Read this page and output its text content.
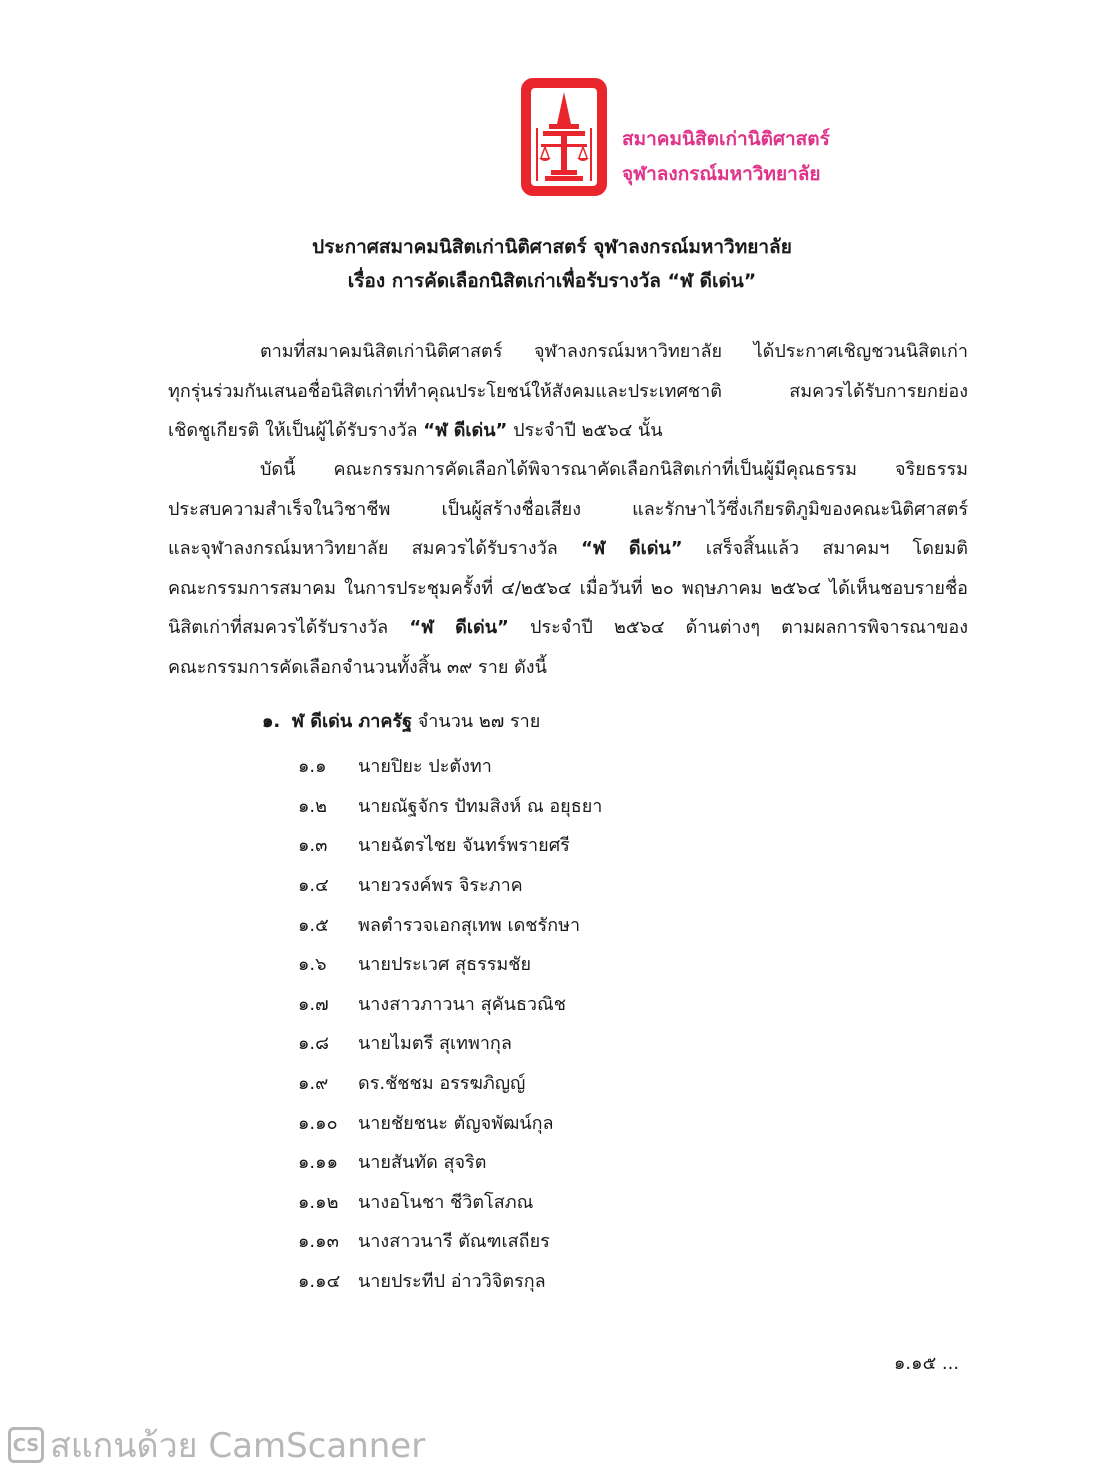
สมาคมนิสิตเก่านิติศาสตร์
จุฬาลงกรณ์มหาวิทยาลัย
ประกาศสมาคมนิสิตเก่านิติศาสตร์ จุฬาลงกรณ์มหาวิทยาลัย
เรื่อง การคัดเลือกนิสิตเก่าเพื่อรับรางวัล “ฬ ดีเด่น”
ตามที่สมาคมนิสิตเก่านิติศาสตร์ จุฬาลงกรณ์มหาวิทยาลัย ได้ประกาศเชิญชวนนิสิตเก่า
ทุกรุ่นร่วมกันเสนอชื่อนิสิตเก่าที่ทำคุณประโยชน์ให้สังคมและประเทศชาติ สมควรได้รับการยกย่อง
เชิดชูเกียรติ ให้เป็นผู้ได้รับรางวัล “ฬ ดีเด่น” ประจำปี ๒๕๖๔ นั้น
บัดนี้ คณะกรรมการคัดเลือกได้พิจารณาคัดเลือกนิสิตเก่าที่เป็นผู้มีคุณธรรม จริยธรรม
ประสบความสำเร็จในวิชาชีพ เป็นผู้สร้างชื่อเสียง และรักษาไว้ซึ่งเกียรติภูมิของคณะนิติศาสตร์
และจุฬาลงกรณ์มหาวิทยาลัย สมควรได้รับรางวัล “ฬ ดีเด่น” เสร็จสิ้นแล้ว สมาคมฯ โดยมติ
คณะกรรมการสมาคม ในการประชุมครั้งที่ ๔/๒๕๖๔ เมื่อวันที่ ๒๐ พฤษภาคม ๒๕๖๔ ได้เห็นชอบรายชื่อ
นิสิตเก่าที่สมควรได้รับรางวัล “ฬ ดีเด่น” ประจำปี ๒๕๖๔ ด้านต่างๆ ตามผลการพิจารณาของ
คณะกรรมการคัดเลือกจำนวนทั้งสิ้น ๓๙ ราย ดังนี้
๑. ฬ ดีเด่น ภาครัฐ จำนวน ๒๗ ราย
๑.๑	นายปิยะ ปะตังทา
๑.๒	นายณัฐจักร ปัทมสิงห์ ณ อยุธยา
๑.๓	นายฉัตรไชย จันทร์พรายศรี
๑.๔	นายวรงค์พร จิระภาค
๑.๕	พลตำรวจเอกสุเทพ เดชรักษา
๑.๖	นายประเวศ สุธรรมชัย
๑.๗	นางสาวภาวนา สุคันธวณิช
๑.๘	นายไมตรี สุเทพากุล
๑.๙	ดร.ชัชชม อรรฆภิญญ์
๑.๑๐	นายชัยชนะ ตัญจพัฒน์กุล
๑.๑๑	นายสันทัด สุจริต
๑.๑๒	นางอโนชา ชีวิตโสภณ
๑.๑๓	นางสาวนารี ตัณฑเสถียร
๑.๑๔ นายประทีป อ่าววิจิตรกุล
๑.๑๕ ...
CS สแกนด้วย CamScanner
